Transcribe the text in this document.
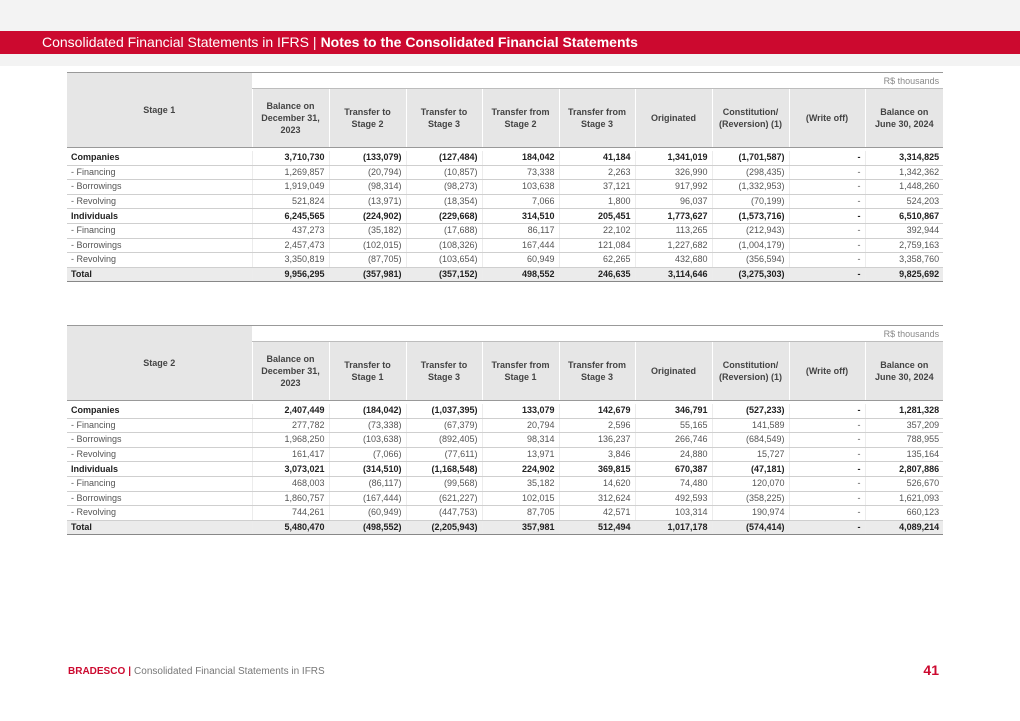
Consolidated Financial Statements in IFRS | Notes to the Consolidated Financial Statements
Stage 1	R$ thousands								
	Balance on December 31, 2023	Transfer to Stage 2	Transfer to Stage 3	Transfer from Stage 2	Transfer from Stage 3	Originated	Constitution/ (Reversion) (1)	(Write off)	Balance on June 30, 2024

Companies	3,710,730	(133,079)	(127,484)	184,042	41,184	1,341,019	(1,701,587)	-	3,314,825
- Financing	1,269,857	(20,794)	(10,857)	73,338	2,263	326,990	(298,435)	-	1,342,362
- Borrowings	1,919,049	(98,314)	(98,273)	103,638	37,121	917,992	(1,332,953)	-	1,448,260
- Revolving	521,824	(13,971)	(18,354)	7,066	1,800	96,037	(70,199)	-	524,203
Individuals	6,245,565	(224,902)	(229,668)	314,510	205,451	1,773,627	(1,573,716)	-	6,510,867
- Financing	437,273	(35,182)	(17,688)	86,117	22,102	113,265	(212,943)	-	392,944
- Borrowings	2,457,473	(102,015)	(108,326)	167,444	121,084	1,227,682	(1,004,179)	-	2,759,163
- Revolving	3,350,819	(87,705)	(103,654)	60,949	62,265	432,680	(356,594)	-	3,358,760
Total	9,956,295	(357,981)	(357,152)	498,552	246,635	3,114,646	(3,275,303)	-	9,825,692
Stage 2	R$ thousands								
	Balance on December 31, 2023	Transfer to Stage 1	Transfer to Stage 3	Transfer from Stage 1	Transfer from Stage 3	Originated	Constitution/ (Reversion) (1)	(Write off)	Balance on June 30, 2024

Companies	2,407,449	(184,042)	(1,037,395)	133,079	142,679	346,791	(527,233)	-	1,281,328
- Financing	277,782	(73,338)	(67,379)	20,794	2,596	55,165	141,589	-	357,209
- Borrowings	1,968,250	(103,638)	(892,405)	98,314	136,237	266,746	(684,549)	-	788,955
- Revolving	161,417	(7,066)	(77,611)	13,971	3,846	24,880	15,727	-	135,164
Individuals	3,073,021	(314,510)	(1,168,548)	224,902	369,815	670,387	(47,181)	-	2,807,886
- Financing	468,003	(86,117)	(99,568)	35,182	14,620	74,480	120,070	-	526,670
- Borrowings	1,860,757	(167,444)	(621,227)	102,015	312,624	492,593	(358,225)	-	1,621,093
- Revolving	744,261	(60,949)	(447,753)	87,705	42,571	103,314	190,974	-	660,123
Total	5,480,470	(498,552)	(2,205,943)	357,981	512,494	1,017,178	(574,414)	-	4,089,214
BRADESCO | Consolidated Financial Statements in IFRS	41
